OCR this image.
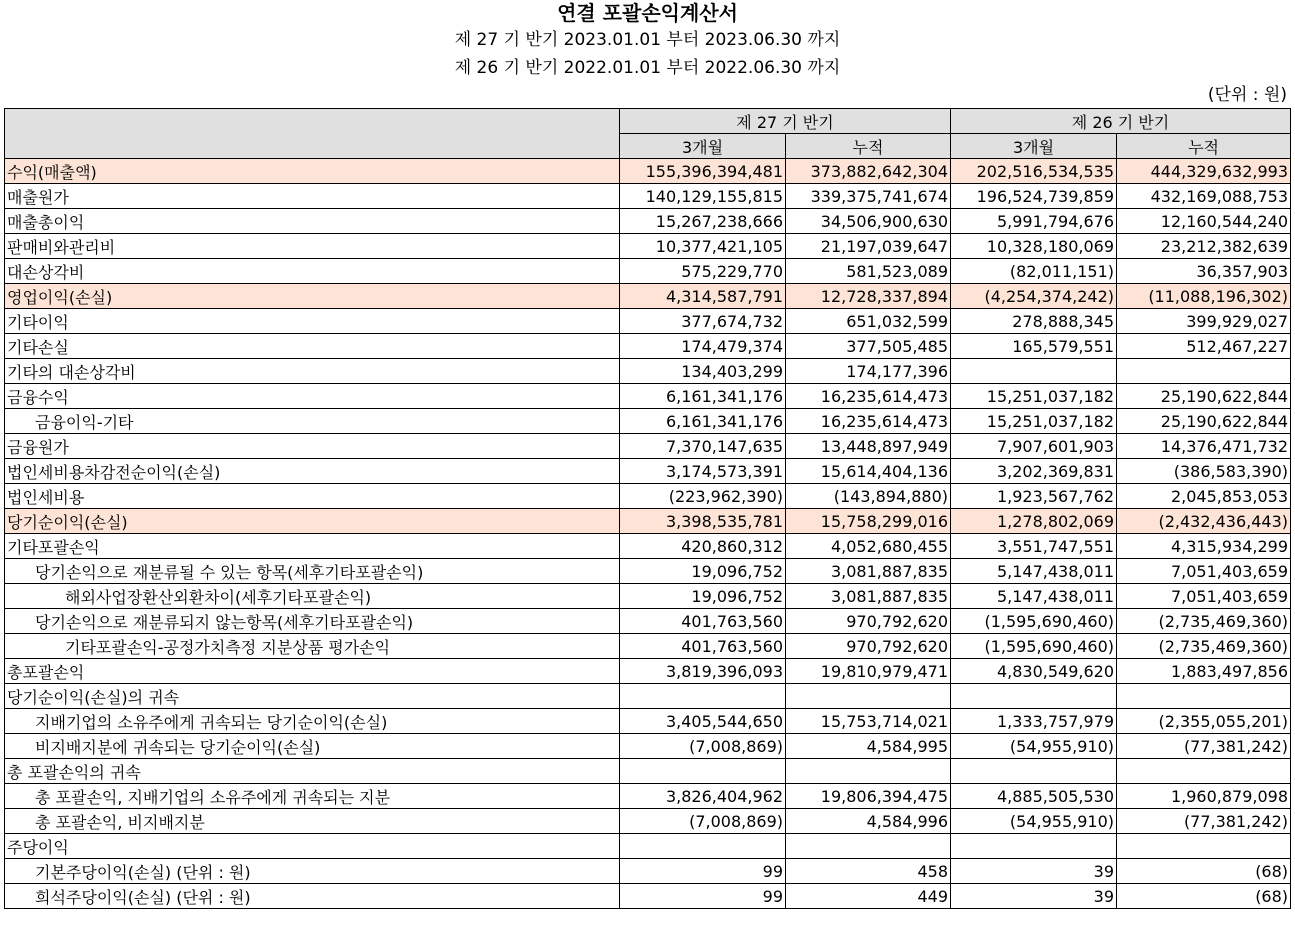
연결 포괄손익계산서
제 27 기 반기 2023.01.01 부터 2023.06.30 까지
제 26 기 반기 2022.01.01 부터 2022.06.30 까지
(단위 : 원)
	제 27 기 반기		제 26 기 반기	
	3개월	누적	3개월	누적
수익(매출액)	155,396,394,481	373,882,642,304	202,516,534,535	444,329,632,993
매출원가	140,129,155,815	339,375,741,674	196,524,739,859	432,169,088,753
매출총이익	15,267,238,666	34,506,900,630	5,991,794,676	12,160,544,240
판매비와관리비	10,377,421,105	21,197,039,647	10,328,180,069	23,212,382,639
대손상각비	575,229,770	581,523,089	(82,011,151)	36,357,903
영업이익(손실)	4,314,587,791	12,728,337,894	(4,254,374,242)	(11,088,196,302)
기타이익	377,674,732	651,032,599	278,888,345	399,929,027
기타손실	174,479,374	377,505,485	165,579,551	512,467,227
기타의 대손상각비	134,403,299	174,177,396		
금융수익	6,161,341,176	16,235,614,473	15,251,037,182	25,190,622,844
금융이익-기타	6,161,341,176	16,235,614,473	15,251,037,182	25,190,622,844
금융원가	7,370,147,635	13,448,897,949	7,907,601,903	14,376,471,732
법인세비용차감전순이익(손실)	3,174,573,391	15,614,404,136	3,202,369,831	(386,583,390)
법인세비용	(223,962,390)	(143,894,880)	1,923,567,762	2,045,853,053
당기순이익(손실)	3,398,535,781	15,758,299,016	1,278,802,069	(2,432,436,443)
기타포괄손익	420,860,312	4,052,680,455	3,551,747,551	4,315,934,299
당기손익으로 재분류될 수 있는 항목(세후기타포괄손익)	19,096,752	3,081,887,835	5,147,438,011	7,051,403,659
해외사업장환산외환차이(세후기타포괄손익)	19,096,752	3,081,887,835	5,147,438,011	7,051,403,659
당기손익으로 재분류되지 않는항목(세후기타포괄손익)	401,763,560	970,792,620	(1,595,690,460)	(2,735,469,360)
기타포괄손익-공정가치측정 지분상품 평가손익	401,763,560	970,792,620	(1,595,690,460)	(2,735,469,360)
총포괄손익	3,819,396,093	19,810,979,471	4,830,549,620	1,883,497,856
당기순이익(손실)의 귀속				
지배기업의 소유주에게 귀속되는 당기순이익(손실)	3,405,544,650	15,753,714,021	1,333,757,979	(2,355,055,201)
비지배지분에 귀속되는 당기순이익(손실)	(7,008,869)	4,584,995	(54,955,910)	(77,381,242)
총 포괄손익의 귀속				
총 포괄손익, 지배기업의 소유주에게 귀속되는 지분	3,826,404,962	19,806,394,475	4,885,505,530	1,960,879,098
총 포괄손익, 비지배지분	(7,008,869)	4,584,996	(54,955,910)	(77,381,242)
주당이익				
기본주당이익(손실) (단위 : 원)	99	458	39	(68)
희석주당이익(손실) (단위 : 원)	99	449	39	(68)
